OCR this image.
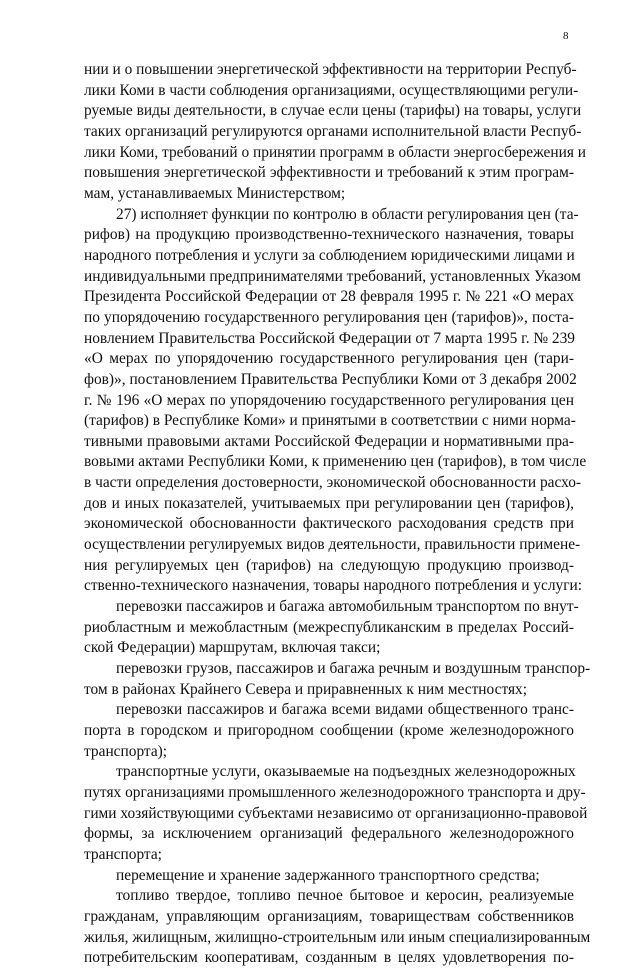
8
нии и о повышении энергетической эффективности на территории Респуб-
лики Коми в части соблюдения организациями, осуществляющими регули-
руемые виды деятельности, в случае если цены (тарифы) на товары, услуги
таких организаций регулируются органами исполнительной власти Респуб-
лики Коми, требований о принятии программ в области энергосбережения и
повышения энергетической эффективности и требований к этим програм-
мам, устанавливаемых Министерством;
27) исполняет функции по контролю в области регулирования цен (та-
рифов) на продукцию производственно-технического назначения, товары
народного потребления и услуги за соблюдением юридическими лицами и
индивидуальными предпринимателями требований, установленных Указом
Президента Российской Федерации от 28 февраля 1995 г. № 221 «О мерах
по упорядочению государственного регулирования цен (тарифов)», поста-
новлением Правительства Российской Федерации от 7 марта 1995 г. № 239
«О мерах по упорядочению государственного регулирования цен (тари-
фов)», постановлением Правительства Республики Коми от 3 декабря 2002
г. № 196 «О мерах по упорядочению государственного регулирования цен
(тарифов) в Республике Коми» и принятыми в соответствии с ними норма-
тивными правовыми актами Российской Федерации и нормативными пра-
вовыми актами Республики Коми, к применению цен (тарифов), в том числе
в части определения достоверности, экономической обоснованности расхо-
дов и иных показателей, учитываемых при регулировании цен (тарифов),
экономической обоснованности фактического расходования средств при
осуществлении регулируемых видов деятельности, правильности примене-
ния регулируемых цен (тарифов) на следующую продукцию производ-
ственно-технического назначения, товары народного потребления и услуги:
перевозки пассажиров и багажа автомобильным транспортом по внут-
риобластным и межобластным (межреспубликанским в пределах Россий-
ской Федерации) маршрутам, включая такси;
перевозки грузов, пассажиров и багажа речным и воздушным транспор-
том в районах Крайнего Севера и приравненных к ним местностях;
перевозки пассажиров и багажа всеми видами общественного транс-
порта в городском и пригородном сообщении (кроме железнодорожного
транспорта);
транспортные услуги, оказываемые на подъездных железнодорожных
путях организациями промышленного железнодорожного транспорта и дру-
гими хозяйствующими субъектами независимо от организационно-правовой
формы, за исключением организаций федерального железнодорожного
транспорта;
перемещение и хранение задержанного транспортного средства;
топливо твердое, топливо печное бытовое и керосин, реализуемые
гражданам, управляющим организациям, товариществам собственников
жилья, жилищным, жилищно-строительным или иным специализированным
потребительским кооперативам, созданным в целях удовлетворения по-
